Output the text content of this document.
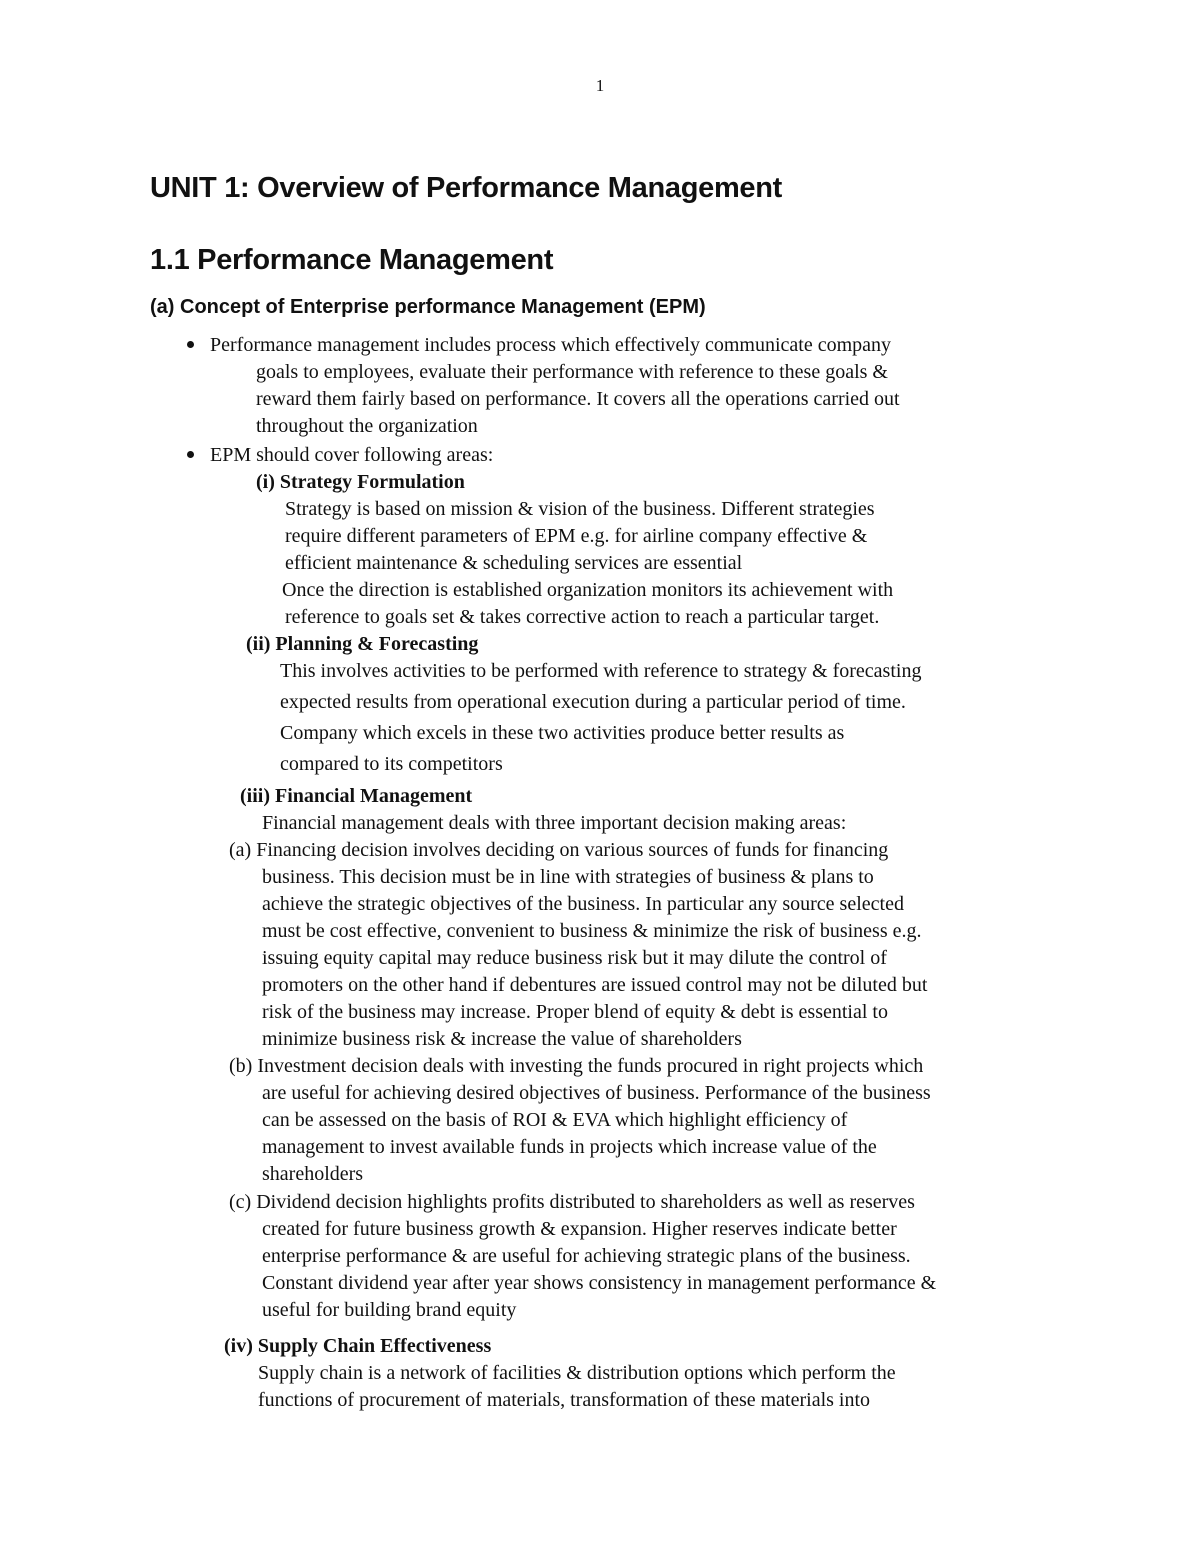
1
UNIT 1: Overview of Performance Management
1.1 Performance Management
(a) Concept of Enterprise performance Management (EPM)
Performance management includes process which effectively communicate company
goals to employees, evaluate their performance with reference to these goals &
reward them fairly based on performance. It covers all the operations carried out
throughout the organization
EPM should cover following areas:
(i) Strategy Formulation
Strategy is based on mission & vision of the business. Different strategies
require different parameters of EPM e.g. for airline company effective &
efficient maintenance & scheduling services are essential
Once the direction is established organization monitors its achievement with
reference to goals set & takes corrective action to reach a particular target.
(ii) Planning & Forecasting
This involves activities to be performed with reference to strategy & forecasting
expected results from operational execution during a particular period of time.
Company which excels in these two activities produce better results as
compared to its competitors
(iii) Financial Management
Financial management deals with three important decision making areas:
(a) Financing decision involves deciding on various sources of funds for financing
business. This decision must be in line with strategies of business & plans to
achieve the strategic objectives of the business. In particular any source selected
must be cost effective, convenient to business & minimize the risk of business e.g.
issuing equity capital may reduce business risk but it may dilute the control of
promoters on the other hand if debentures are issued control may not be diluted but
risk of the business may increase. Proper blend of equity & debt is essential to
minimize business risk & increase the value of shareholders
(b) Investment decision deals with investing the funds procured in right projects which
are useful for achieving desired objectives of business. Performance of the business
can be assessed on the basis of ROI & EVA which highlight efficiency of
management to invest available funds in projects which increase value of the
shareholders
(c) Dividend decision highlights profits distributed to shareholders as well as reserves
created for future business growth & expansion. Higher reserves indicate better
enterprise performance & are useful for achieving strategic plans of the business.
Constant dividend year after year shows consistency in management performance &
useful for building brand equity
(iv) Supply Chain Effectiveness
Supply chain is a network of facilities & distribution options which perform the
functions of procurement of materials, transformation of these materials into
